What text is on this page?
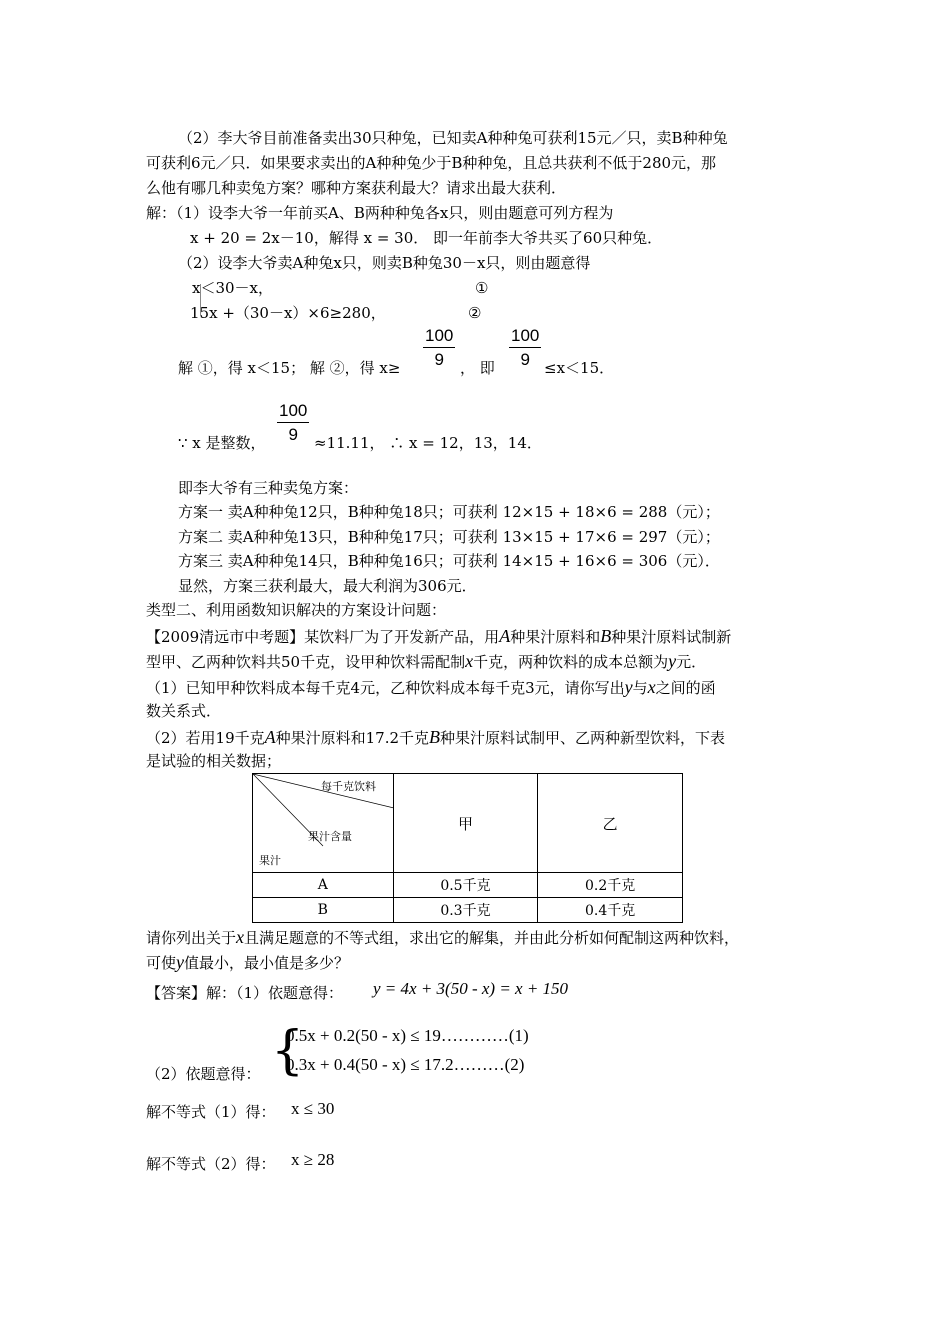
（2）李大爷目前准备卖出30只种兔，已知卖A种种兔可获利15元／只，卖B种种兔
可获利6元／只．如果要求卖出的A种种兔少于B种种兔，且总共获利不低于280元，那
么他有哪几种卖兔方案？哪种方案获利最大？请求出最大获利．
解：（1）设李大爷一年前买A、B两种种兔各x只，则由题意可列方程为
x + 20 = 2x－10，解得 x = 30． 即一年前李大爷共买了60只种兔．
（2）设李大爷卖A种兔x只，则卖B种兔30－x只，则由题意得
x＜30－x，	①
15x +（30－x）×6≥280，	②
解 ①，得 x＜15； 解 ②，得 $x\ge \frac{100}{9}$ ， 即 $\frac{100}{9} \le x<15$．
∵ x 是整数， $\frac{100}{9} \approx 11.11$， ∴ x = 12，13，14．
即李大爷有三种卖兔方案：
方案一 卖A种种兔12只，B种种兔18只；可获利 12×15 + 18×6 = 288（元）；
方案二 卖A种种兔13只，B种种兔17只；可获利 13×15 + 17×6 = 297（元）；
方案三 卖A种种兔14只，B种种兔16只；可获利 14×15 + 16×6 = 306（元）．
显然，方案三获利最大，最大利润为306元．
类型二、利用函数知识解决的方案设计问题：
【2009清远市中考题】某饮料厂为了开发新产品，用A种果汁原料和B种果汁原料试制新
型甲、乙两种饮料共50千克，设甲种饮料需配制x千克，两种饮料的成本总额为y元．
（1）已知甲种饮料成本每千克4元，乙种饮料成本每千克3元，请你写出y与x之间的函
数关系式．
（2）若用19千克A种果汁原料和17.2千克B种果汁原料试制甲、乙两种新型饮料，下表
是试验的相关数据；
每千克饮料
果汁含量
果汁	甲	乙
A	0.5千克	0.2千克
B	0.3千克	0.4千克
请你列出关于x且满足题意的不等式组，求出它的解集，并由此分析如何配制这两种饮料，
可使y值最小，最小值是多少？
【答案】解：（1）依题意得： y = 4x + 3(50 - x) = x + 150
（2）依题意得： {
0.5x + 0.2(50 - x) ≤ 19…………(1)
0.3x + 0.4(50 - x) ≤ 17.2………(2)
解不等式（1）得： x ≤ 30
解不等式（2）得： x ≥ 28
